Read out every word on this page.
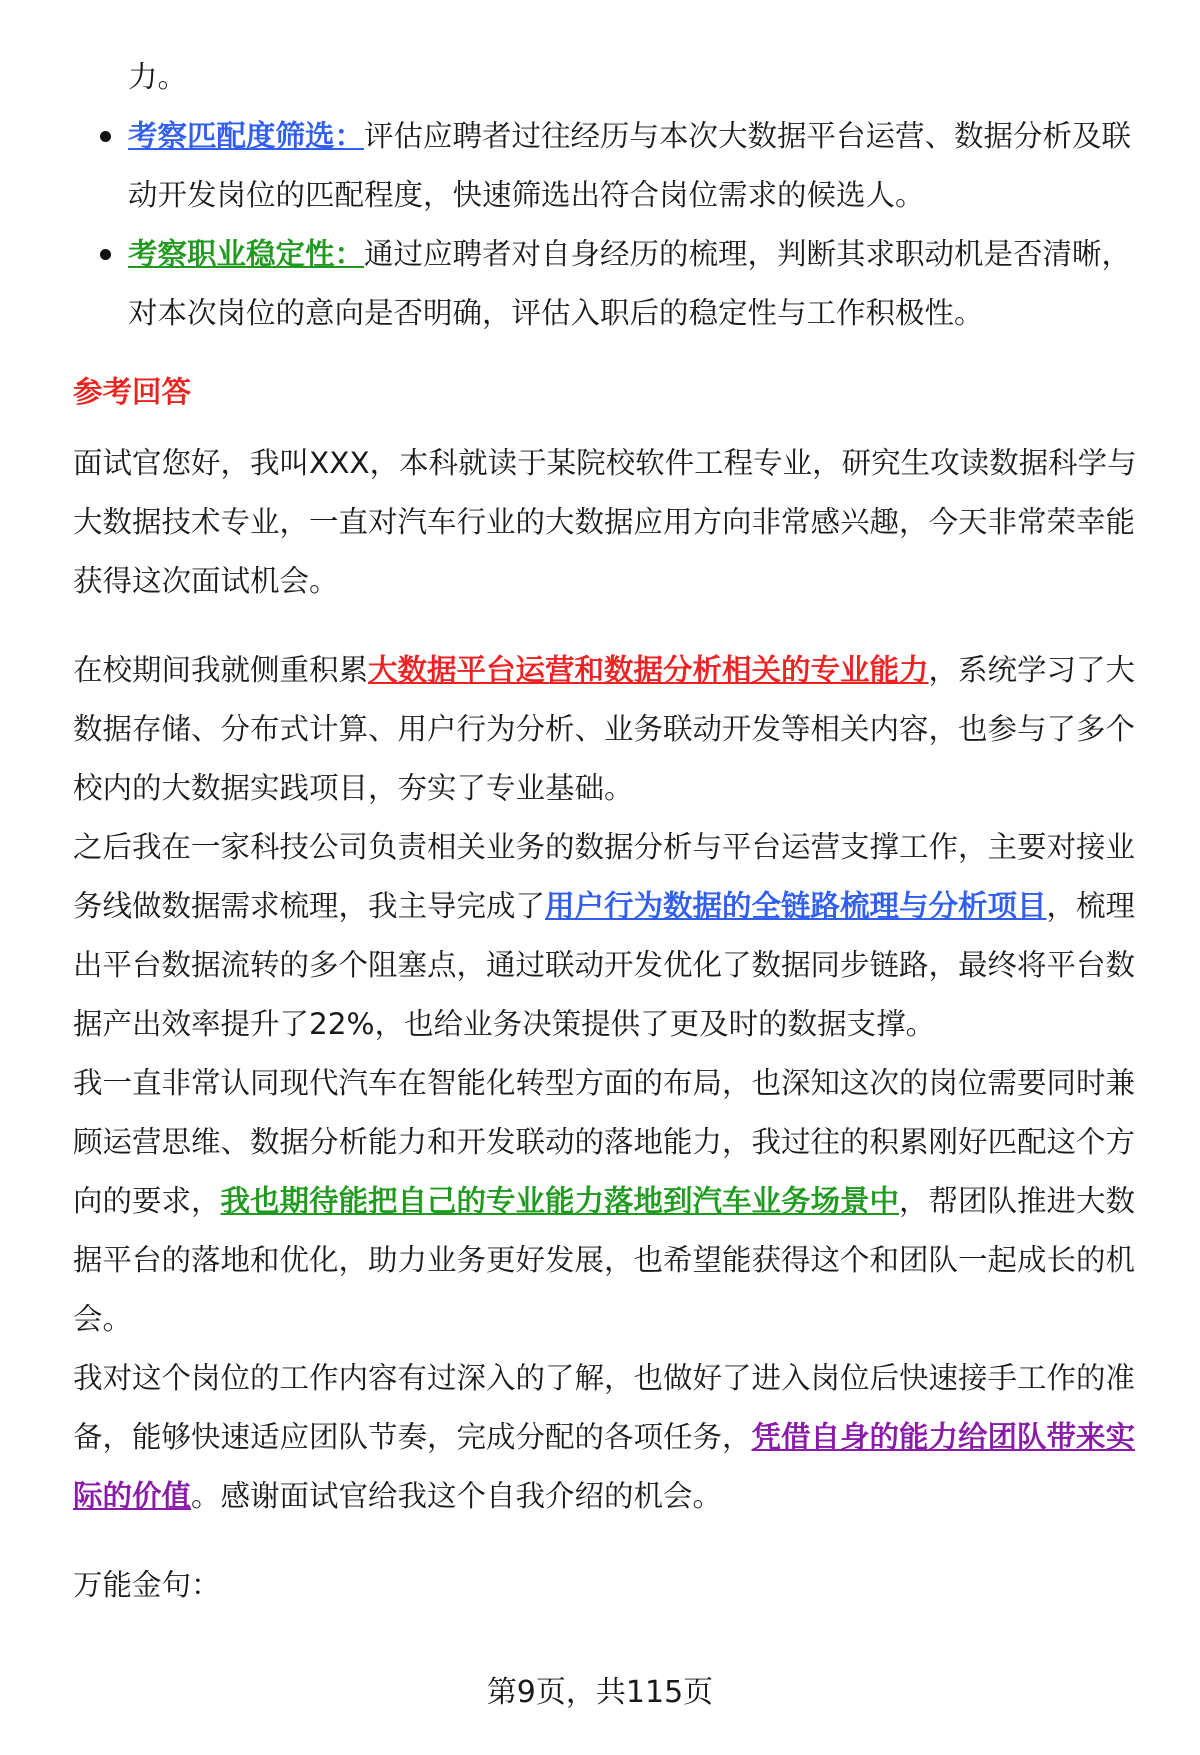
力。

考察匹配度筛选：评估应聘者过往经历与本次大数据平台运营、数据分析及联动开发岗位的匹配程度，快速筛选出符合岗位需求的候选人。
考察职业稳定性：通过应聘者对自身经历的梳理，判断其求职动机是否清晰，对本次岗位的意向是否明确，评估入职后的稳定性与工作积极性。
参考回答

面试官您好，我叫XXX，本科就读于某院校软件工程专业，研究生攻读数据科学与大数据技术专业，一直对汽车行业的大数据应用方向非常感兴趣，今天非常荣幸能获得这次面试机会。

在校期间我就侧重积累大数据平台运营和数据分析相关的专业能力，系统学习了大数据存储、分布式计算、用户行为分析、业务联动开发等相关内容，也参与了多个校内的大数据实践项目，夯实了专业基础。

之后我在一家科技公司负责相关业务的数据分析与平台运营支撑工作，主要对接业务线做数据需求梳理，我主导完成了用户行为数据的全链路梳理与分析项目，梳理出平台数据流转的多个阻塞点，通过联动开发优化了数据同步链路，最终将平台数据产出效率提升了22%，也给业务决策提供了更及时的数据支撑。

我一直非常认同现代汽车在智能化转型方面的布局，也深知这次的岗位需要同时兼顾运营思维、数据分析能力和开发联动的落地能力，我过往的积累刚好匹配这个方向的要求，我也期待能把自己的专业能力落地到汽车业务场景中，帮团队推进大数据平台的落地和优化，助力业务更好发展，也希望能获得这个和团队一起成长的机会。

我对这个岗位的工作内容有过深入的了解，也做好了进入岗位后快速接手工作的准备，能够快速适应团队节奏，完成分配的各项任务，凭借自身的能力给团队带来实际的价值。感谢面试官给我这个自我介绍的机会。

万能金句：

第9页，共115页
